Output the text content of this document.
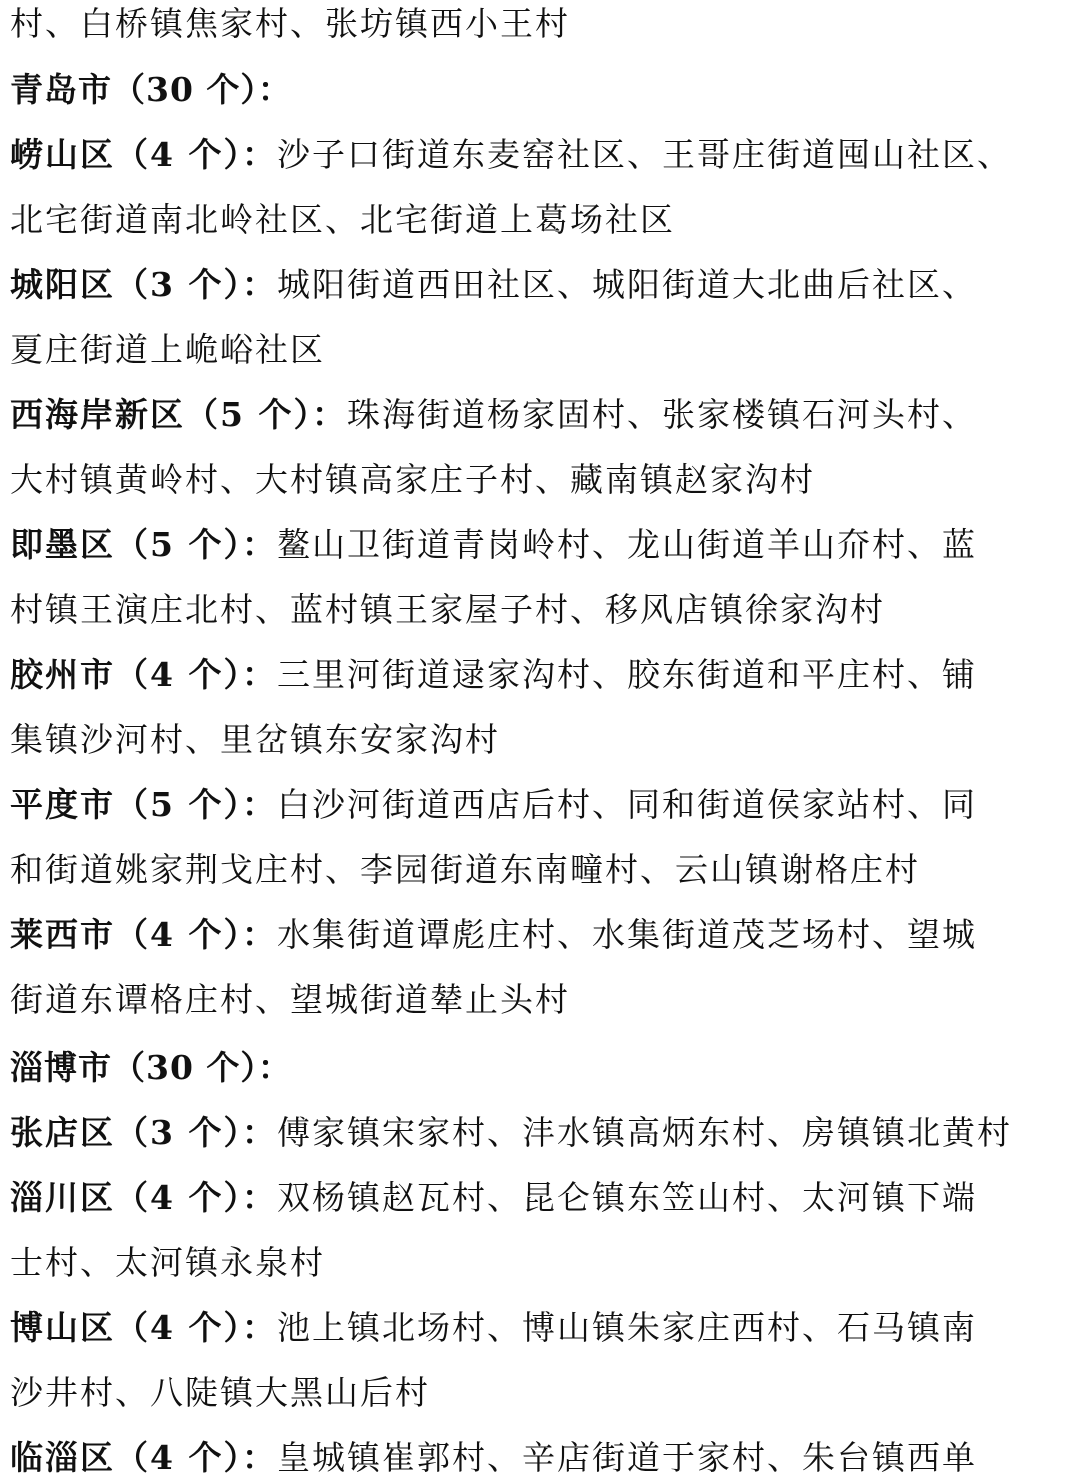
村、白桥镇焦家村、张坊镇西小王村
青岛市（30 个）：
崂山区（4 个）：沙子口街道东麦窑社区、王哥庄街道囤山社区、
北宅街道南北岭社区、北宅街道上葛场社区
城阳区（3 个）：城阳街道西田社区、城阳街道大北曲后社区、
夏庄街道上峗峪社区
西海岸新区（5 个）：珠海街道杨家固村、张家楼镇石河头村、
大村镇黄岭村、大村镇高家庄子村、藏南镇赵家沟村
即墨区（5 个）：鳌山卫街道青岗岭村、龙山街道羊山夼村、蓝
村镇王演庄北村、蓝村镇王家屋子村、移风店镇徐家沟村
胶州市（4 个）：三里河街道逯家沟村、胶东街道和平庄村、铺
集镇沙河村、里岔镇东安家沟村
平度市（5 个）：白沙河街道西店后村、同和街道侯家站村、同
和街道姚家荆戈庄村、李园街道东南疃村、云山镇谢格庄村
莱西市（4 个）：水集街道谭彪庄村、水集街道茂芝场村、望城
街道东谭格庄村、望城街道辇止头村
淄博市（30 个）：
张店区（3 个）：傅家镇宋家村、沣水镇高炳东村、房镇镇北黄村
淄川区（4 个）：双杨镇赵瓦村、昆仑镇东笠山村、太河镇下端
士村、太河镇永泉村
博山区（4 个）：池上镇北场村、博山镇朱家庄西村、石马镇南
沙井村、八陡镇大黑山后村
临淄区（4 个）：皇城镇崔郭村、辛店街道于家村、朱台镇西单
